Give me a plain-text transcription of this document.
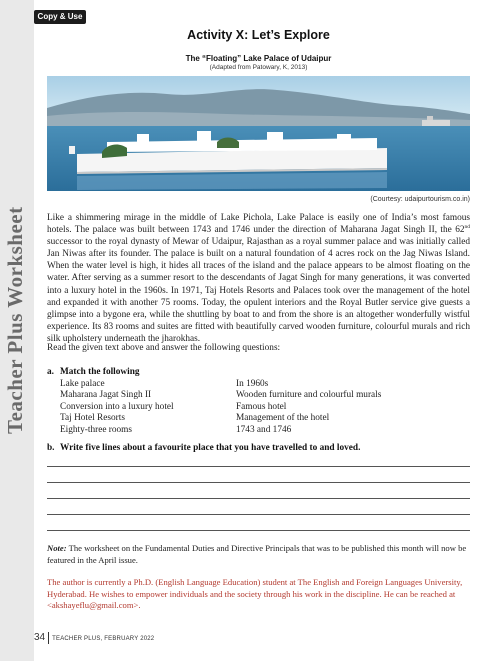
Teacher Plus Worksheet
Copy & Use
Activity X: Let’s Explore
The “Floating” Lake Palace of Udaipur
(Adapted from Patowary, K, 2013)
(Courtesy: udaipurtourism.co.in)
Like a shimmering mirage in the middle of Lake Pichola, Lake Palace is easily one of India’s most famous hotels. The palace was built between 1743 and 1746 under the direction of Maharana Jagat Singh II, the 62nd successor to the royal dynasty of Mewar of Udaipur, Rajasthan as a royal summer palace and was initially called Jan Niwas after its founder. The palace is built on a natural foundation of 4 acres rock on the Jag Niwas Island. When the water level is high, it hides all traces of the island and the palace appears to be almost floating on the water. After serving as a summer resort to the descendants of Jagat Singh for many generations, it was converted into a luxury hotel in the 1960s. In 1971, Taj Hotels Resorts and Palaces took over the management of the hotel and expanded it with another 75 rooms. Today, the opulent interiors and the Royal Butler service give guests a glimpse into a bygone era, while the shuttling by boat to and from the shore is an altogether wonderfully wistful experience. Its 83 rooms and suites are fitted with beautifully carved wooden furniture, colourful murals and rich silk upholstery underneath the jharokhas.
Read the given text above and answer the following questions:
a. Match the following
Lake palace	In 1960s
Maharana Jagat Singh II	Wooden furniture and colourful murals
Conversion into a luxury hotel	Famous hotel
Taj Hotel Resorts	Management of the hotel
Eighty-three rooms	1743 and 1746
b. Write five lines about a favourite place that you have travelled to and loved.
Note: The worksheet on the Fundamental Duties and Directive Principals that was to be published this month will now be featured in the April issue.
The author is currently a Ph.D. (English Language Education) student at The English and Foreign Languages University, Hyderabad. He wishes to empower individuals and the society through his work in the discipline. He can be reached at <akshayeflu@gmail.com>.
34	TEACHER PLUS, FEBRUARY 2022
